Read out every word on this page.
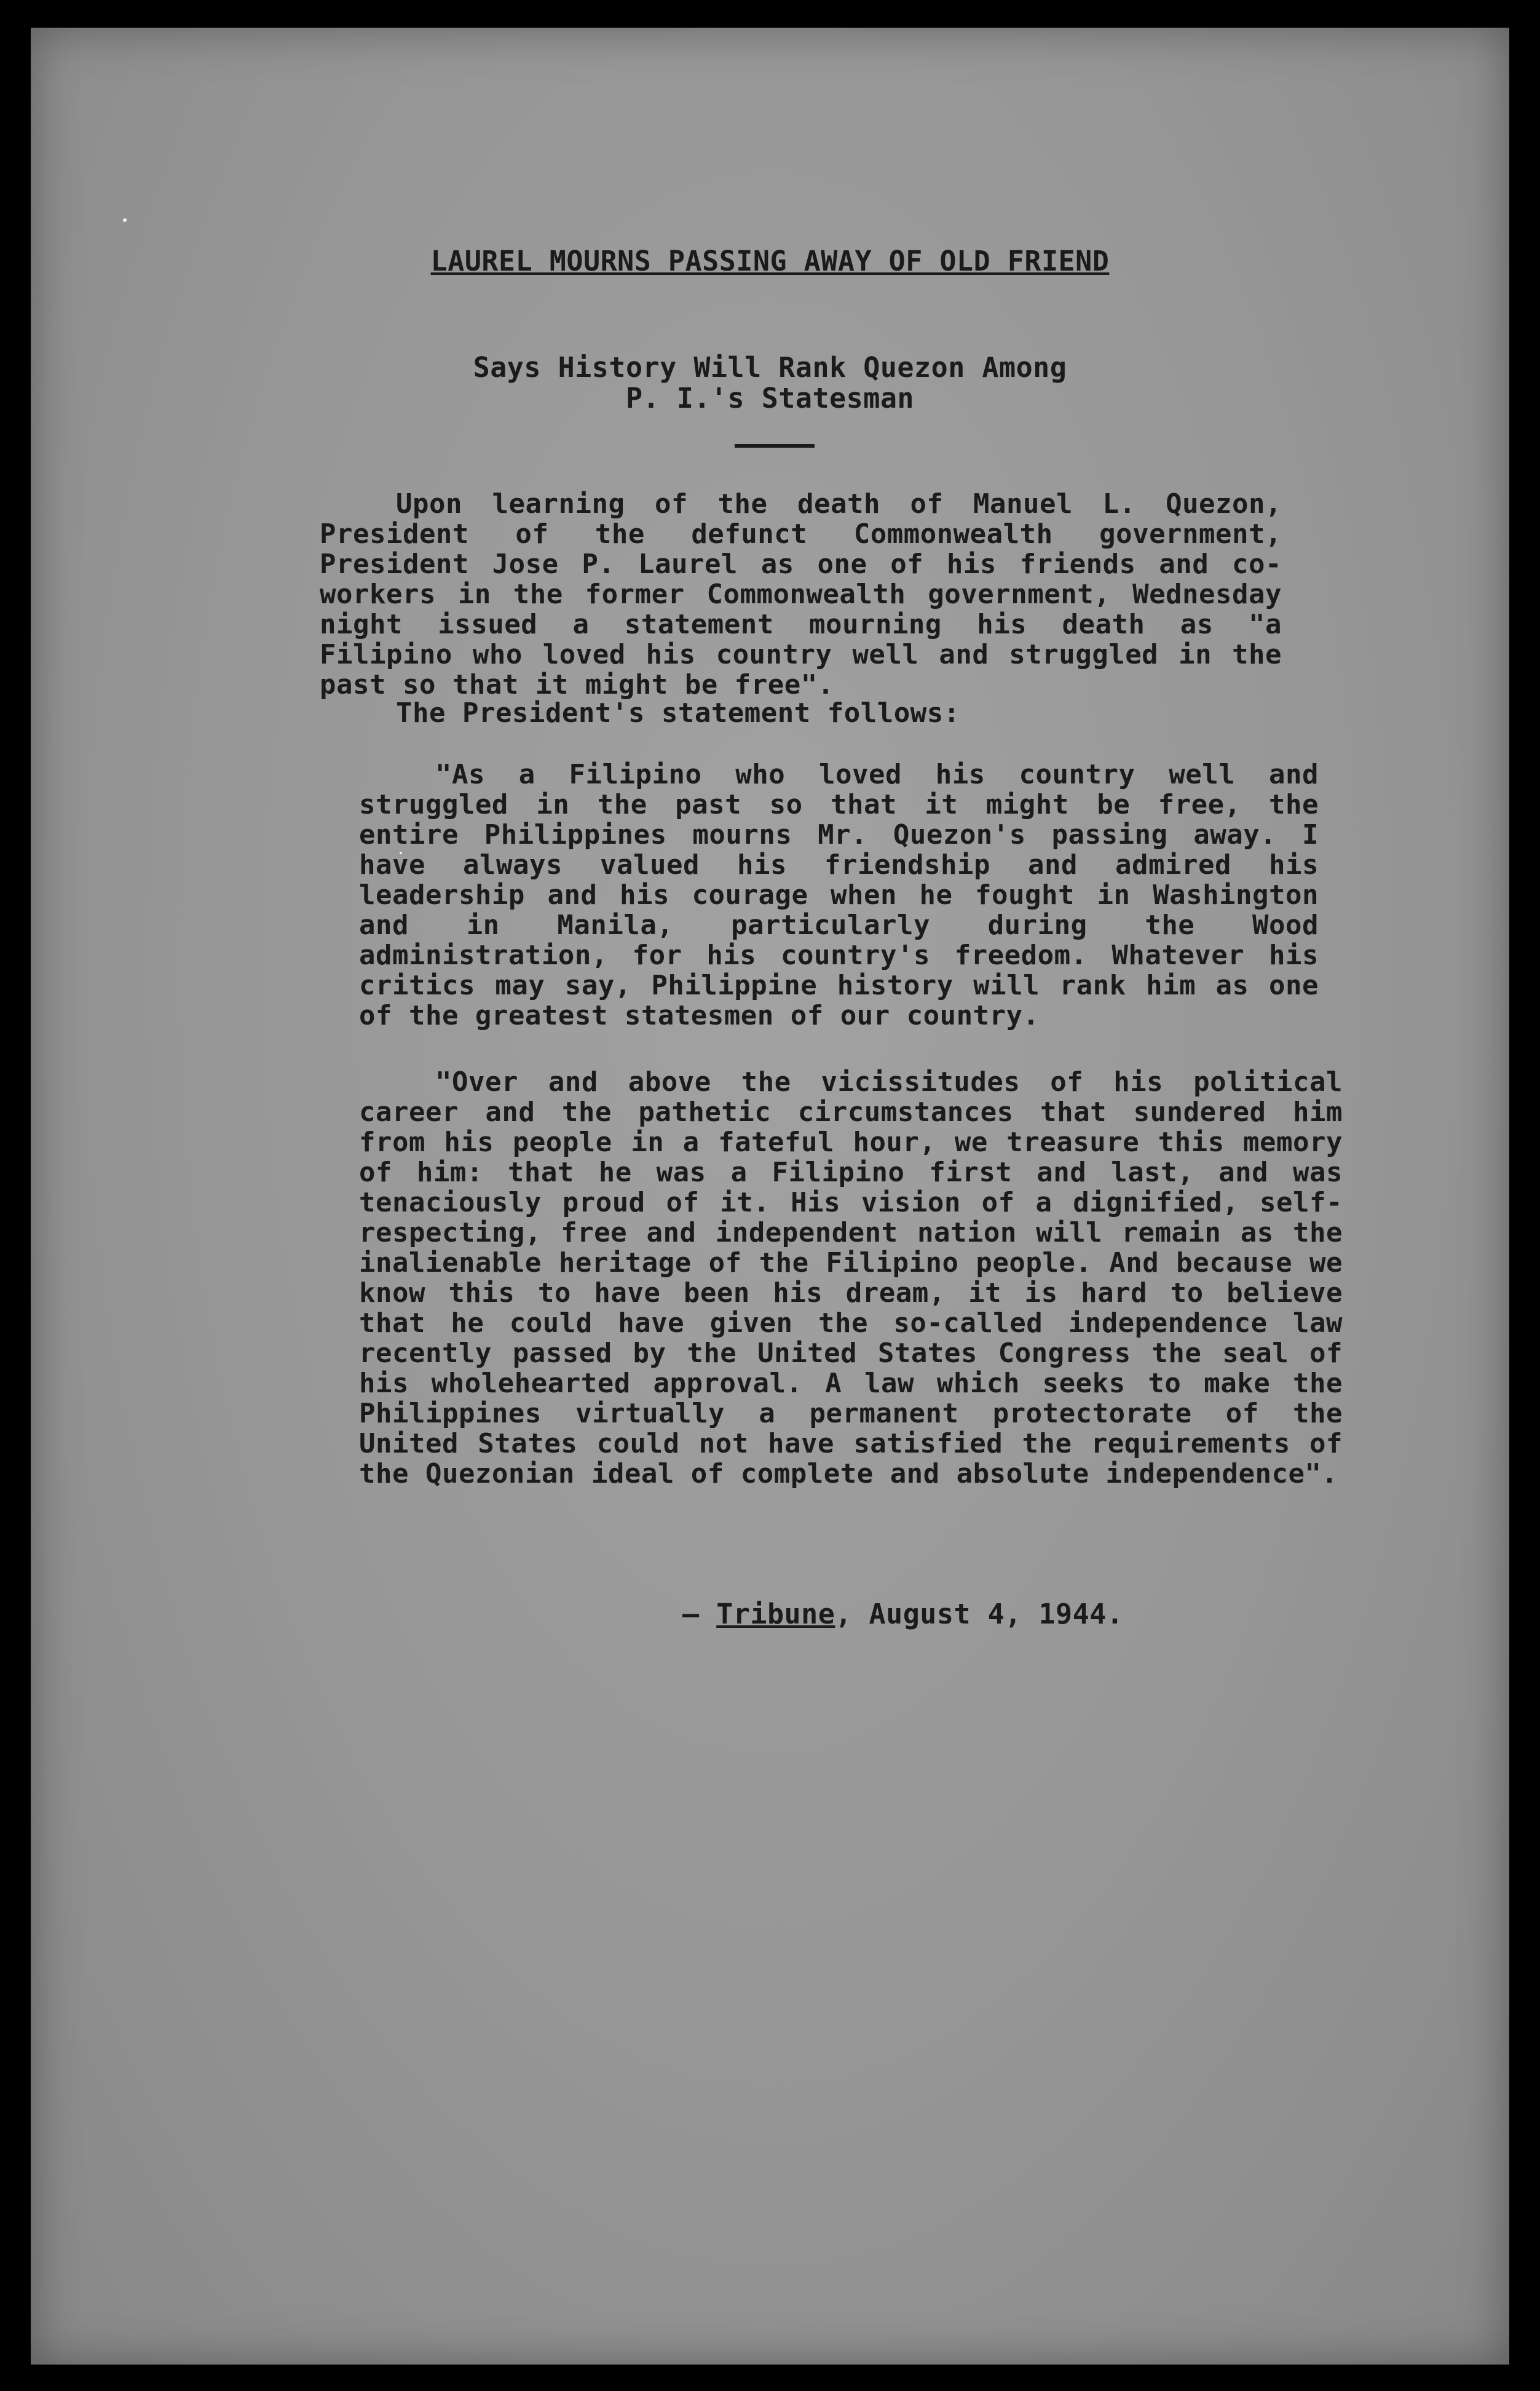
LAUREL MOURNS PASSING AWAY OF OLD FRIEND
Says History Will Rank Quezon Among
P. I.'s Statesman
Upon learning of the death of Manuel L. Quezon, President of the defunct Commonwealth government, President Jose P. Laurel as one of his friends and co-workers in the former Commonwealth government, Wednesday night issued a statement mourning his death as "a Filipino who loved his country well and struggled in the past so that it might be free".
The President's statement follows:
"As a Filipino who loved his country well and struggled in the past so that it might be free, the entire Philippines mourns Mr. Quezon's passing away. I have always valued his friendship and admired his leadership and his courage when he fought in Washington and in Manila, particularly during the Wood administration, for his country's freedom. Whatever his critics may say, Philippine history will rank him as one of the greatest statesmen of our country.
"Over and above the vicissitudes of his political career and the pathetic circumstances that sundered him from his people in a fateful hour, we treasure this memory of him: that he was a Filipino first and last, and was tenaciously proud of it. His vision of a dignified, self-respecting, free and independent nation will remain as the inalienable heritage of the Filipino people. And because we know this to have been his dream, it is hard to believe that he could have given the so-called independence law recently passed by the United States Congress the seal of his wholehearted approval. A law which seeks to make the Philippines virtually a permanent protectorate of the United States could not have satisfied the requirements of the Quezonian ideal of complete and absolute independence".
— Tribune, August 4, 1944.
